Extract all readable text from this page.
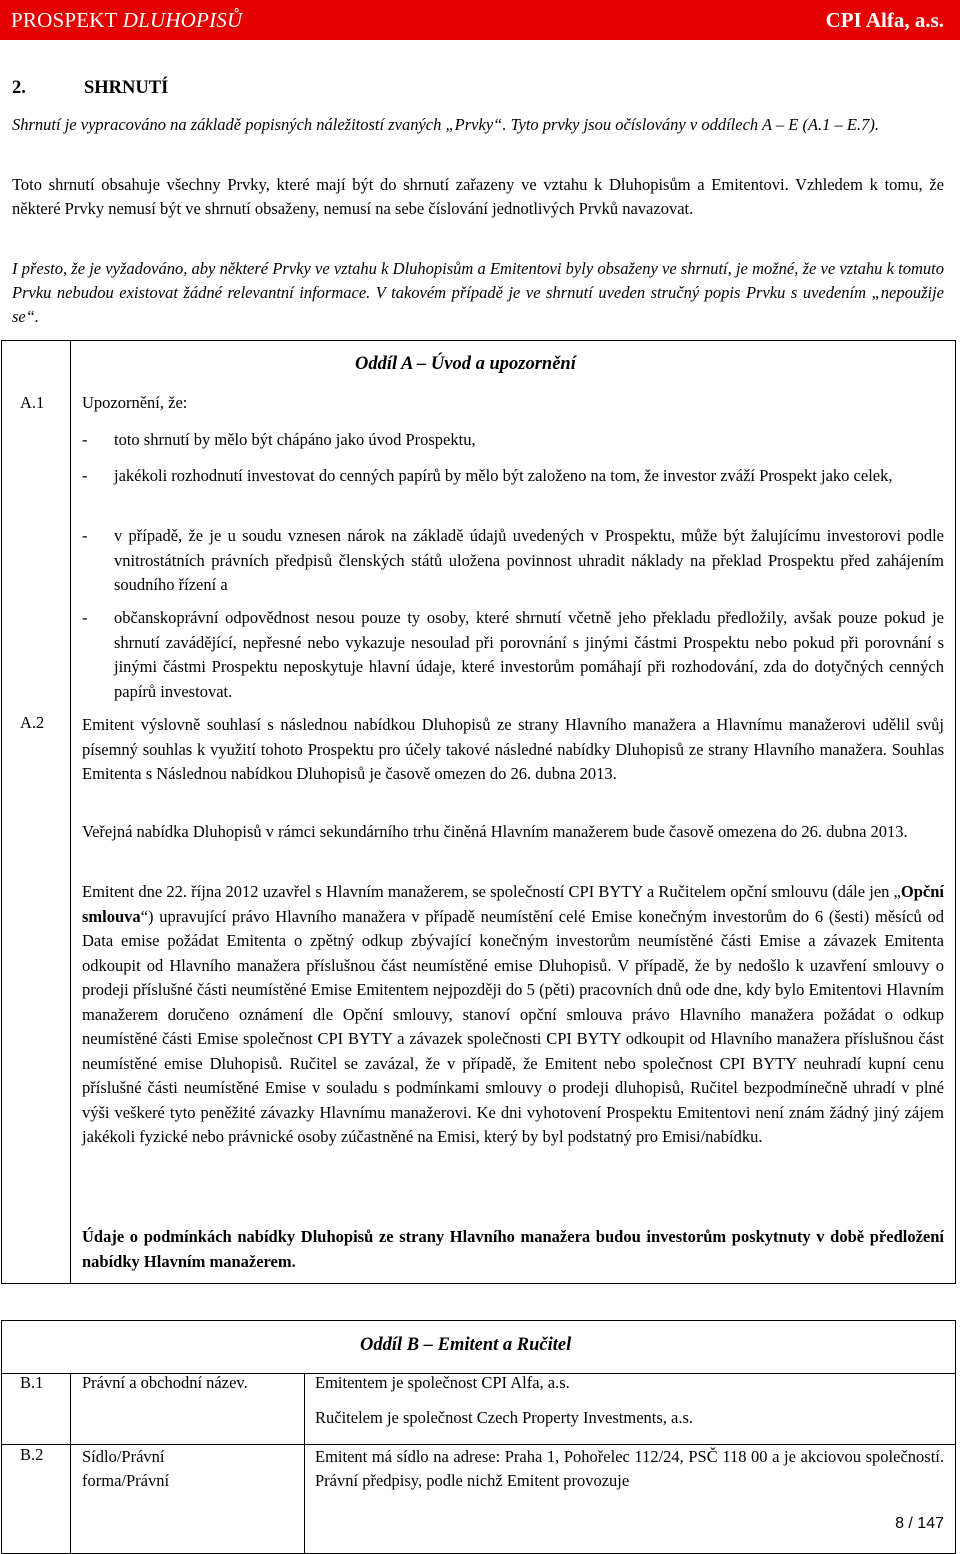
PROSPEKT DLUHOPISŮ	CPI Alfa, a.s.
2.	SHRNUTÍ
Shrnutí je vypracováno na základě popisných náležitostí zvaných „Prvky“. Tyto prvky jsou očíslovány v oddílech A – E (A.1 – E.7).
Toto shrnutí obsahuje všechny Prvky, které mají být do shrnutí zařazeny ve vztahu k Dluhopisům a Emitentovi. Vzhledem k tomu, že některé Prvky nemusí být ve shrnutí obsaženy, nemusí na sebe číslování jednotlivých Prvků navazovat.
I přesto, že je vyžadováno, aby některé Prvky ve vztahu k Dluhopisům a Emitentovi byly obsaženy ve shrnutí, je možné, že ve vztahu k tomuto Prvku nebudou existovat žádné relevantní informace. V takovém případě je ve shrnutí uveden stručný popis Prvku s uvedením „nepoužije se“.

Oddíl A – Úvod a upozornění
A.1 Upozornění, že:
- toto shrnutí by mělo být chápáno jako úvod Prospektu,
- jakékoli rozhodnutí investovat do cenných papírů by mělo být založeno na tom, že investor zváží Prospekt jako celek,
- v případě, že je u soudu vznesen nárok na základě údajů uvedených v Prospektu, může být žalujícímu investorovi podle vnitrostátních právních předpisů členských států uložena povinnost uhradit náklady na překlad Prospektu před zahájením soudního řízení a
- občanskoprávní odpovědnost nesou pouze ty osoby, které shrnutí včetně jeho překladu předložily, avšak pouze pokud je shrnutí zavádějící, nepřesné nebo vykazuje nesoulad při porovnání s jinými částmi Prospektu nebo pokud při porovnání s jinými částmi Prospektu neposkytuje hlavní údaje, které investorům pomáhají při rozhodování, zda do dotyčných cenných papírů investovat.
A.2 Emitent výslovně souhlasí s následnou nabídkou Dluhopisů ze strany Hlavního manažera a Hlavnímu manažerovi udělil svůj písemný souhlas k využití tohoto Prospektu pro účely takové následné nabídky Dluhopisů ze strany Hlavního manažera. Souhlas Emitenta s Následnou nabídkou Dluhopisů je časově omezen do 26. dubna 2013.
Veřejná nabídka Dluhopisů v rámci sekundárního trhu činěná Hlavním manažerem bude časově omezena do 26. dubna 2013.
Emitent dne 22. října 2012 uzavřel s Hlavním manažerem, se společností CPI BYTY a Ručitelem opční smlouvu (dále jen „Opční smlouva“) upravující právo Hlavního manažera v případě neumístění celé Emise konečným investorům do 6 (šesti) měsíců od Data emise požádat Emitenta o zpětný odkup zbývající konečným investorům neumístěné části Emise a závazek Emitenta odkoupit od Hlavního manažera příslušnou část neumístěné emise Dluhopisů. V případě, že by nedošlo k uzavření smlouvy o prodeji příslušné části neumístěné Emise Emitentem nejpozději do 5 (pěti) pracovních dnů ode dne, kdy bylo Emitentovi Hlavním manažerem doručeno oznámení dle Opční smlouvy, stanoví opční smlouva právo Hlavního manažera požádat o odkup neumístěné části Emise společnost CPI BYTY a závazek společnosti CPI BYTY odkoupit od Hlavního manažera příslušnou část neumístěné emise Dluhopisů. Ručitel se zavázal, že v případě, že Emitent nebo společnost CPI BYTY neuhradí kupní cenu příslušné části neumístěné Emise v souladu s podmínkami smlouvy o prodeji dluhopisů, Ručitel bezpodmínečně uhradí v plné výši veškeré tyto peněžité závazky Hlavnímu manažerovi. Ke dni vyhotovení Prospektu Emitentovi není znám žádný jiný zájem jakékoli fyzické nebo právnické osoby zúčastněné na Emisi, který by byl podstatný pro Emisi/nabídku.
Údaje o podmínkách nabídky Dluhopisů ze strany Hlavního manažera budou investorům poskytnuty v době předložení nabídky Hlavním manažerem.

Oddíl B – Emitent a Ručitel
B.1 Právní a obchodní název.	Emitentem je společnost CPI Alfa, a.s.
Ručitelem je společnost Czech Property Investments, a.s.
B.2 Sídlo/Právní forma/Právní
Emitent má sídlo na adrese: Praha 1, Pohořelec 112/24, PSČ 118 00 a je akciovou společností. Právní předpisy, podle nichž Emitent provozuje
8 / 147
